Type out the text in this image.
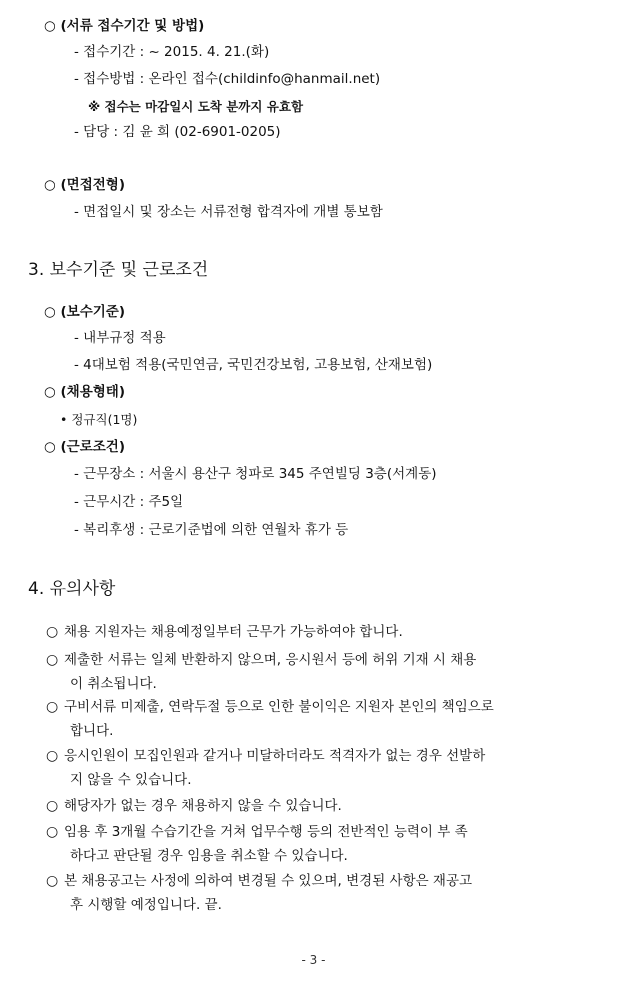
○ (서류 접수기간 및 방법)
- 접수기간 : ~ 2015. 4. 21.(화)
- 접수방법 : 온라인 접수(childinfo@hanmail.net)
※ 접수는 마감일시 도착 분까지 유효함
- 담당 : 김 윤 희 (02-6901-0205)
○ (면접전형)
- 면접일시 및 장소는 서류전형 합격자에 개별 통보함
3. 보수기준 및 근로조건
○ (보수기준)
- 내부규정 적용
- 4대보험 적용(국민연금, 국민건강보험, 고용보험, 산재보험)
○ (채용형태)
• 정규직(1명)
○ (근로조건)
- 근무장소 : 서울시 용산구 청파로 345 주연빌딩 3층(서계동)
- 근무시간 : 주5일
- 복리후생 : 근로기준법에 의한 연월차 휴가 등
4. 유의사항
○ 채용 지원자는 채용예정일부터 근무가 가능하여야 합니다.
○ 제출한 서류는 일체 반환하지 않으며, 응시원서 등에 허위 기재 시 채용
이 취소됩니다.
○ 구비서류 미제출, 연락두절 등으로 인한 불이익은 지원자 본인의 책임으로
합니다.
○ 응시인원이 모집인원과 같거나 미달하더라도 적격자가 없는 경우 선발하
지 않을 수 있습니다.
○ 해당자가 없는 경우 채용하지 않을 수 있습니다.
○ 임용 후 3개월 수습기간을 거쳐 업무수행 등의 전반적인 능력이 부 족
하다고 판단될 경우 임용을 취소할 수 있습니다.
○ 본 채용공고는 사정에 의하여 변경될 수 있으며, 변경된 사항은 재공고
후 시행할 예정입니다. 끝.
- 3 -
